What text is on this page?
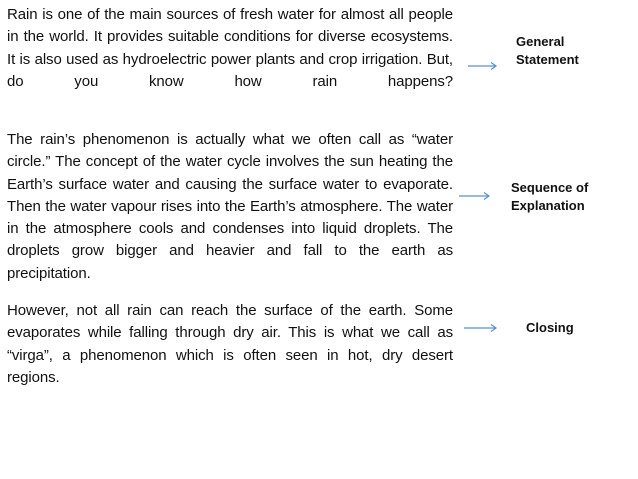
Rain is one of the main sources of fresh water for almost all people in the world. It provides suitable conditions for diverse ecosystems. It is also used as hydroelectric power plants and crop irrigation. But, do you know how rain happens?

The rain’s phenomenon is actually what we often call as “water circle.” The concept of the water cycle involves the sun heating the Earth’s surface water and causing the surface water to evaporate. Then the water vapour rises into the Earth’s atmosphere. The water in the atmosphere cools and condenses into liquid droplets. The droplets grow bigger and heavier and fall to the earth as precipitation.

However, not all rain can reach the surface of the earth. Some evaporates while falling through dry air. This is what we call as “virga”, a phenomenon which is often seen in hot, dry desert regions.

General
Statement
Sequence of
Explanation
Closing
